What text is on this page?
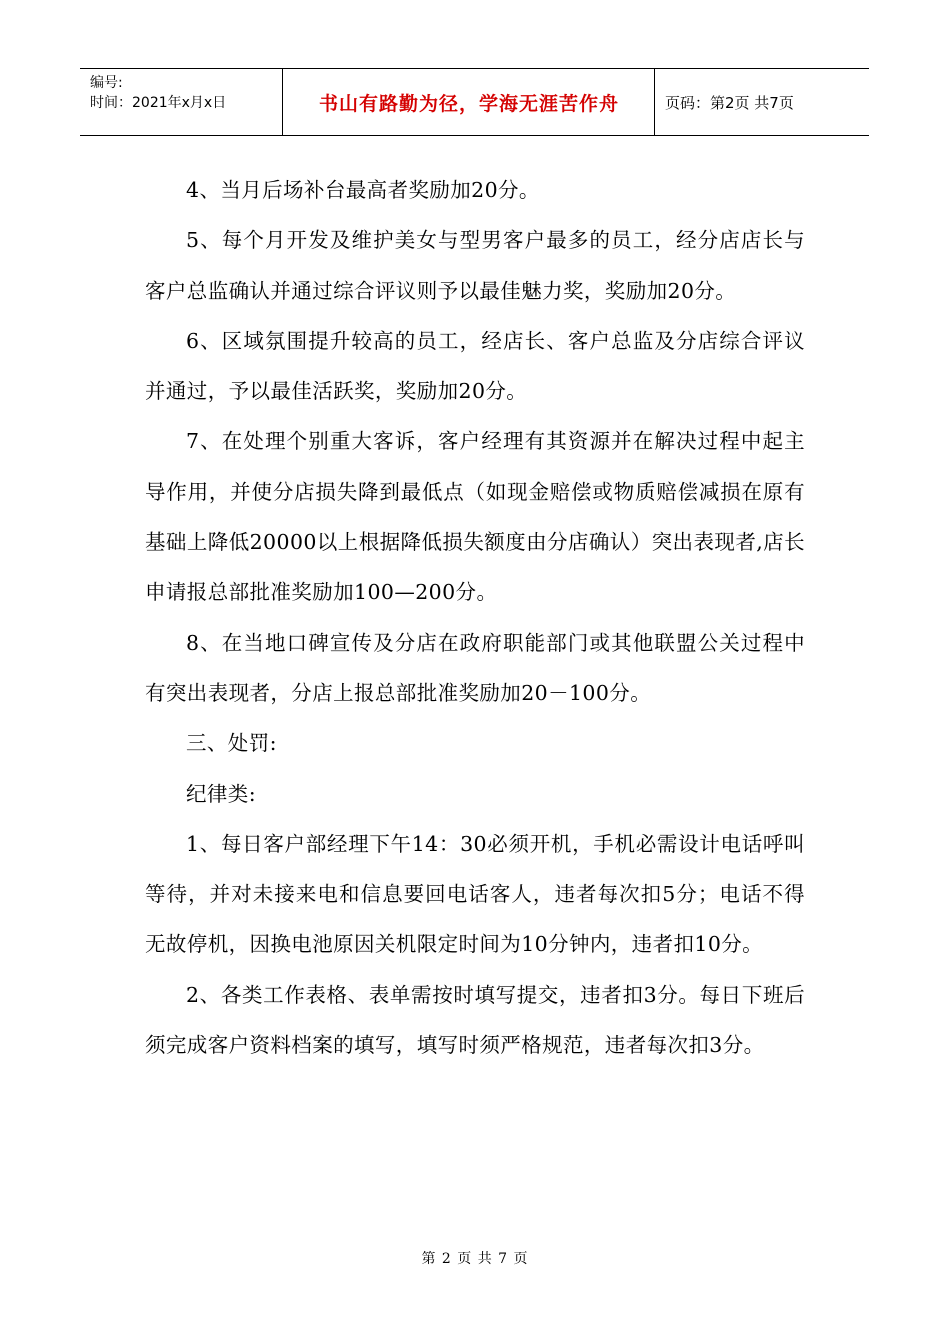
编号:
时间：2021年x月x日	书山有路勤为径，学海无涯苦作舟	页码：第2页 共7页

4、当月后场补台最高者奖励加20分。

5、每个月开发及维护美女与型男客户最多的员工，经分店店长与客户总监确认并通过综合评议则予以最佳魅力奖，奖励加20分。

6、区域氛围提升较高的员工，经店长、客户总监及分店综合评议并通过，予以最佳活跃奖，奖励加20分。

7、在处理个别重大客诉，客户经理有其资源并在解决过程中起主导作用，并使分店损失降到最低点（如现金赔偿或物质赔偿减损在原有基础上降低20000以上根据降低损失额度由分店确认）突出表现者,店长申请报总部批准奖励加100—200分。

8、在当地口碑宣传及分店在政府职能部门或其他联盟公关过程中有突出表现者，分店上报总部批准奖励加20－100分。

三、处罚:

纪律类:

1、每日客户部经理下午14：30必须开机，手机必需设计电话呼叫等待，并对未接来电和信息要回电话客人，违者每次扣5分；电话不得无故停机，因换电池原因关机限定时间为10分钟内，违者扣10分。

2、各类工作表格、表单需按时填写提交，违者扣3分。每日下班后须完成客户资料档案的填写，填写时须严格规范，违者每次扣3分。

第 2 页 共 7 页
